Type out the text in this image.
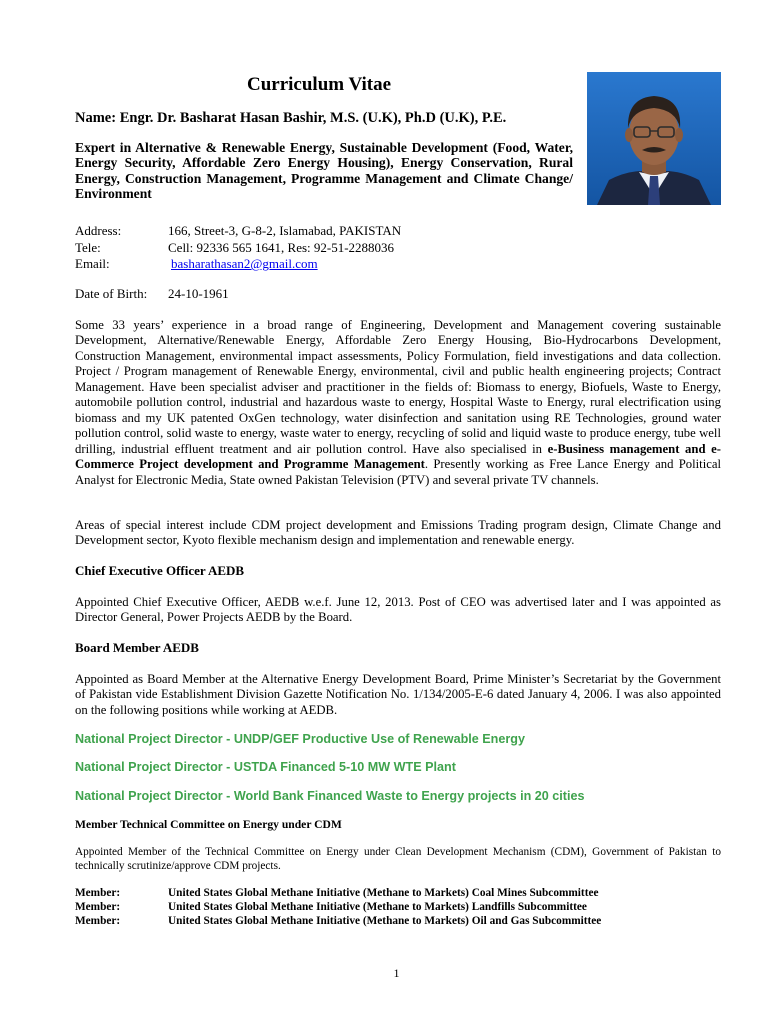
Curriculum Vitae
Name: Engr. Dr. Basharat Hasan Bashir, M.S. (U.K), Ph.D (U.K), P.E.
Expert in Alternative & Renewable Energy, Sustainable Development (Food, Water, Energy Security, Affordable Zero Energy Housing), Energy Conservation, Rural Energy, Construction Management, Programme Management and Climate Change/ Environment
Address:	166, Street-3, G-8-2, Islamabad, PAKISTAN
Tele:	Cell: 92336 565 1641, Res: 92-51-2288036
Email:	basharathasan2@gmail.com
Date of Birth: 24-10-1961
Some 33 years’ experience in a broad range of Engineering, Development and Management covering sustainable Development, Alternative/Renewable Energy, Affordable Zero Energy Housing, Bio-Hydrocarbons Development, Construction Management, environmental impact assessments, Policy Formulation, field investigations and data collection. Project / Program management of Renewable Energy, environmental, civil and public health engineering projects; Contract Management. Have been specialist adviser and practitioner in the fields of: Biomass to energy, Biofuels, Waste to Energy, automobile pollution control, industrial and hazardous waste to energy, Hospital Waste to Energy, rural electrification using biomass and my UK patented OxGen technology, water disinfection and sanitation using RE Technologies, ground water pollution control, solid waste to energy, waste water to energy, recycling of solid and liquid waste to produce energy, tube well drilling, industrial effluent treatment and air pollution control. Have also specialised in e-Business management and e-Commerce Project development and Programme Management. Presently working as Free Lance Energy and Political Analyst for Electronic Media, State owned Pakistan Television (PTV) and several private TV channels.
Areas of special interest include CDM project development and Emissions Trading program design, Climate Change and Development sector, Kyoto flexible mechanism design and implementation and renewable energy.
Chief Executive Officer AEDB
Appointed Chief Executive Officer, AEDB w.e.f. June 12, 2013. Post of CEO was advertised later and I was appointed as Director General, Power Projects AEDB by the Board.
Board Member AEDB
Appointed as Board Member at the Alternative Energy Development Board, Prime Minister’s Secretariat by the Government of Pakistan vide Establishment Division Gazette Notification No. 1/134/2005-E-6 dated January 4, 2006. I was also appointed on the following positions while working at AEDB.
National Project Director - UNDP/GEF Productive Use of Renewable Energy
National Project Director - USTDA Financed 5-10 MW WTE Plant
National Project Director - World Bank Financed Waste to Energy projects in 20 cities
Member Technical Committee on Energy under CDM
Appointed Member of the Technical Committee on Energy under Clean Development Mechanism (CDM), Government of Pakistan to technically scrutinize/approve CDM projects.
Member:	United States Global Methane Initiative (Methane to Markets) Coal Mines Subcommittee
Member:	United States Global Methane Initiative (Methane to Markets) Landfills Subcommittee
Member:	United States Global Methane Initiative (Methane to Markets) Oil and Gas Subcommittee
1
